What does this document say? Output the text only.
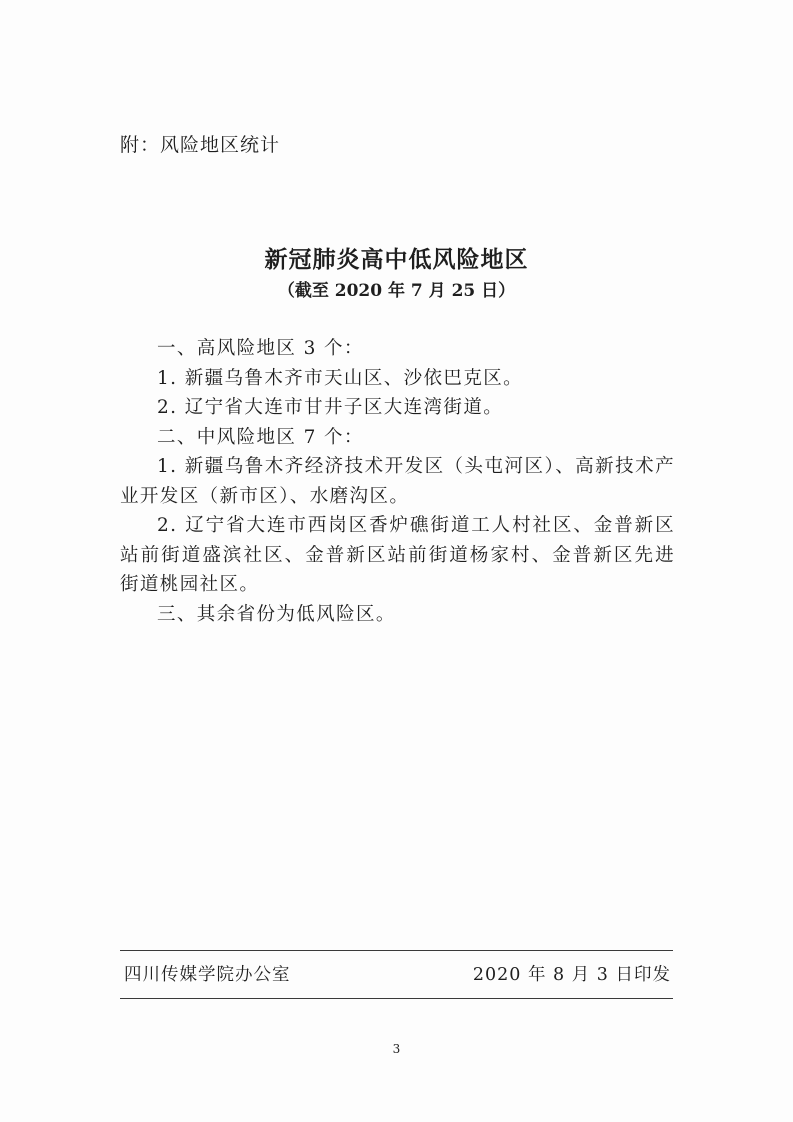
附：风险地区统计
新冠肺炎高中低风险地区
（截至 2020 年 7 月 25 日）

一、高风险地区 3 个：

1. 新疆乌鲁木齐市天山区、沙依巴克区。

2. 辽宁省大连市甘井子区大连湾街道。

二、中风险地区 7 个：

1. 新疆乌鲁木齐经济技术开发区（头屯河区）、高新技术产业开发区（新市区）、水磨沟区。

2. 辽宁省大连市西岗区香炉礁街道工人村社区、金普新区站前街道盛滨社区、金普新区站前街道杨家村、金普新区先进街道桃园社区。

三、其余省份为低风险区。

四川传媒学院办公室	2020 年 8 月 3 日印发
3
